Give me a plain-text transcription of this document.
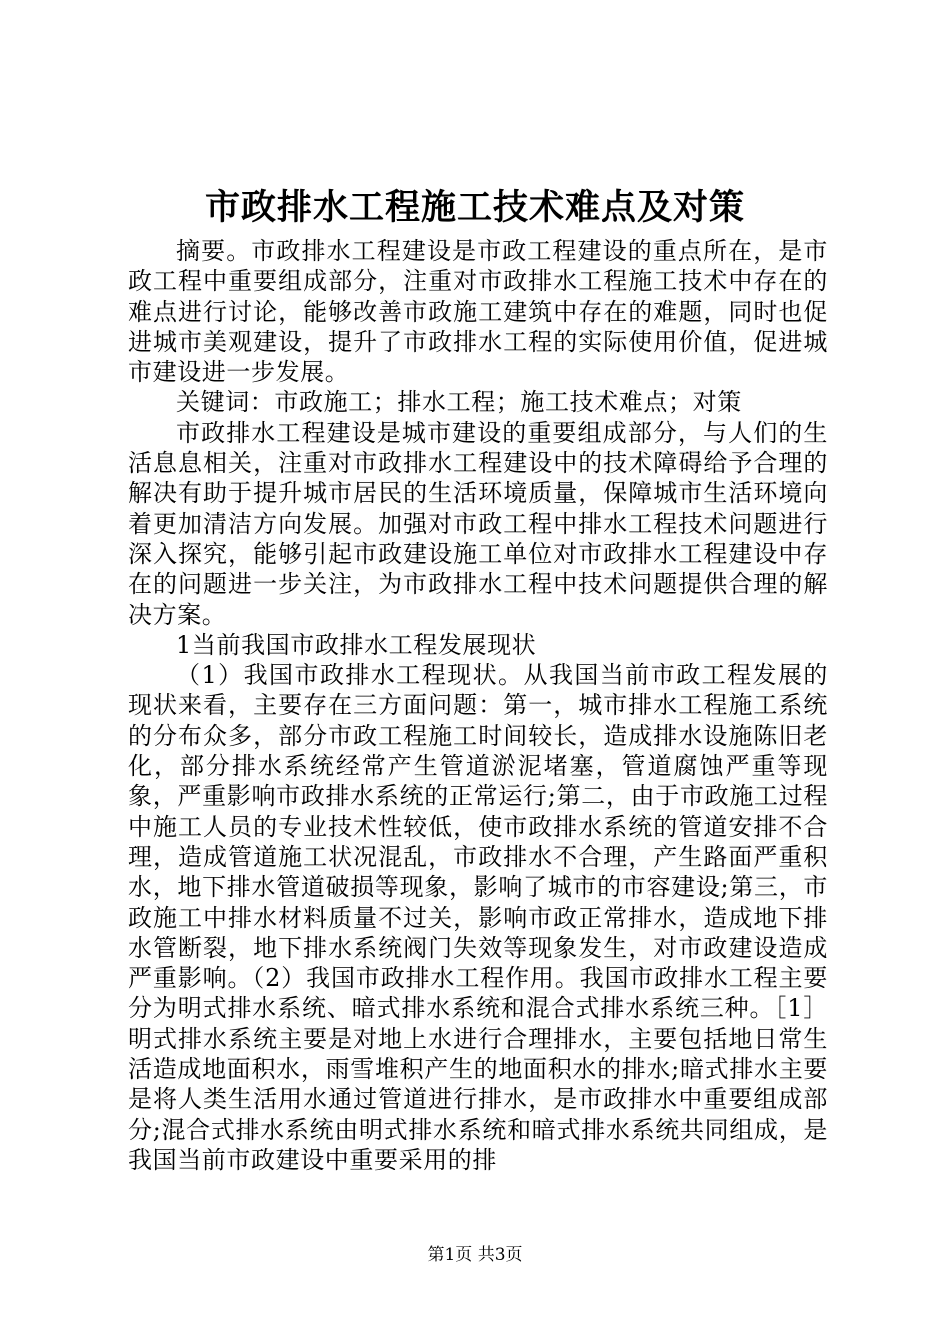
市政排水工程施工技术难点及对策

摘要。市政排水工程建设是市政工程建设的重点所在，是市政工程中重要组成部分，注重对市政排水工程施工技术中存在的难点进行讨论，能够改善市政施工建筑中存在的难题，同时也促进城市美观建设，提升了市政排水工程的实际使用价值，促进城市建设进一步发展。

关键词：市政施工；排水工程；施工技术难点；对策

市政排水工程建设是城市建设的重要组成部分，与人们的生活息息相关，注重对市政排水工程建设中的技术障碍给予合理的解决有助于提升城市居民的生活环境质量，保障城市生活环境向着更加清洁方向发展。加强对市政工程中排水工程技术问题进行深入探究，能够引起市政建设施工单位对市政排水工程建设中存在的问题进一步关注，为市政排水工程中技术问题提供合理的解决方案。

1当前我国市政排水工程发展现状

（1）我国市政排水工程现状。从我国当前市政工程发展的现状来看，主要存在三方面问题：第一，城市排水工程施工系统的分布众多，部分市政工程施工时间较长，造成排水设施陈旧老化，部分排水系统经常产生管道淤泥堵塞，管道腐蚀严重等现象，严重影响市政排水系统的正常运行;第二，由于市政施工过程中施工人员的专业技术性较低，使市政排水系统的管道安排不合理，造成管道施工状况混乱，市政排水不合理，产生路面严重积水，地下排水管道破损等现象，影响了城市的市容建设;第三，市政施工中排水材料质量不过关，影响市政正常排水，造成地下排水管断裂，地下排水系统阀门失效等现象发生，对市政建设造成严重影响。（2）我国市政排水工程作用。我国市政排水工程主要分为明式排水系统、暗式排水系统和混合式排水系统三种。［1］明式排水系统主要是对地上水进行合理排水，主要包括地日常生活造成地面积水，雨雪堆积产生的地面积水的排水;暗式排水主要是将人类生活用水通过管道进行排水，是市政排水中重要组成部分;混合式排水系统由明式排水系统和暗式排水系统共同组成，是我国当前市政建设中重要采用的排

第1页 共3页
